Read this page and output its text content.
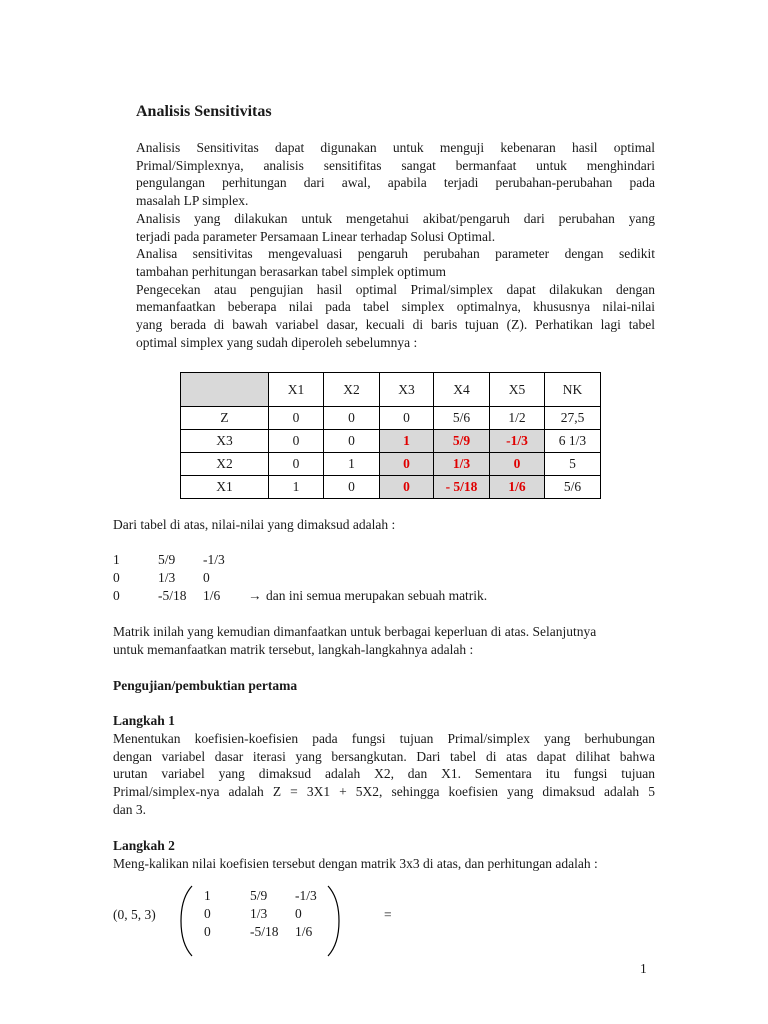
Analisis Sensitivitas

Analisis Sensitivitas dapat digunakan untuk menguji kebenaran hasil optimal

Primal/Simplexnya, analisis sensitifitas sangat bermanfaat untuk menghindari

pengulangan perhitungan dari awal, apabila terjadi perubahan-perubahan pada

masalah LP simplex.

Analisis yang dilakukan untuk mengetahui akibat/pengaruh dari perubahan yang

terjadi pada parameter Persamaan Linear terhadap Solusi Optimal.

Analisa sensitivitas mengevaluasi pengaruh perubahan parameter dengan sedikit

tambahan perhitungan berasarkan tabel simplek optimum

Pengecekan atau pengujian hasil optimal Primal/simplex dapat dilakukan dengan

memanfaatkan beberapa nilai pada tabel simplex optimalnya, khususnya nilai-nilai

yang berada di bawah variabel dasar, kecuali di baris tujuan (Z). Perhatikan lagi tabel

optimal simplex yang sudah diperoleh sebelumnya :

	X1	X2	X3	X4	X5	NK
Z	0	0	0	5/6	1/2	27,5
X3	0	0	1	5/9	-1/3	6 1/3
X2	0	1	0	1/3	0	5
X1	1	0	0	- 5/18	1/6	5/6
Dari tabel di atas, nilai-nilai yang dimaksud adalah :
1	5/9 -1/3
0	1/3 0
0	-5/18 1/6 → dan ini semua merupakan sebuah matrik.
Matrik inilah yang kemudian dimanfaatkan untuk berbagai keperluan di atas. Selanjutnya
untuk memanfaatkan matrik tersebut, langkah-langkahnya adalah :
Pengujian/pembuktian pertama
Langkah 1

Menentukan koefisien-koefisien pada fungsi tujuan Primal/simplex yang berhubungan

dengan variabel dasar iterasi yang bersangkutan. Dari tabel di atas dapat dilihat bahwa

urutan variabel yang dimaksud adalah X2, dan X1. Sementara itu fungsi tujuan

Primal/simplex-nya adalah Z = 3X1 + 5X2, sehingga koefisien yang dimaksud adalah 5

dan 3.

Langkah 2
Meng-kalikan nilai koefisien tersebut dengan matrik 3x3 di atas, dan perhitungan adalah :
(0, 5, 3)
1	5/9 -1/3
0	1/3 0
0	-5/18 1/6
=
1
